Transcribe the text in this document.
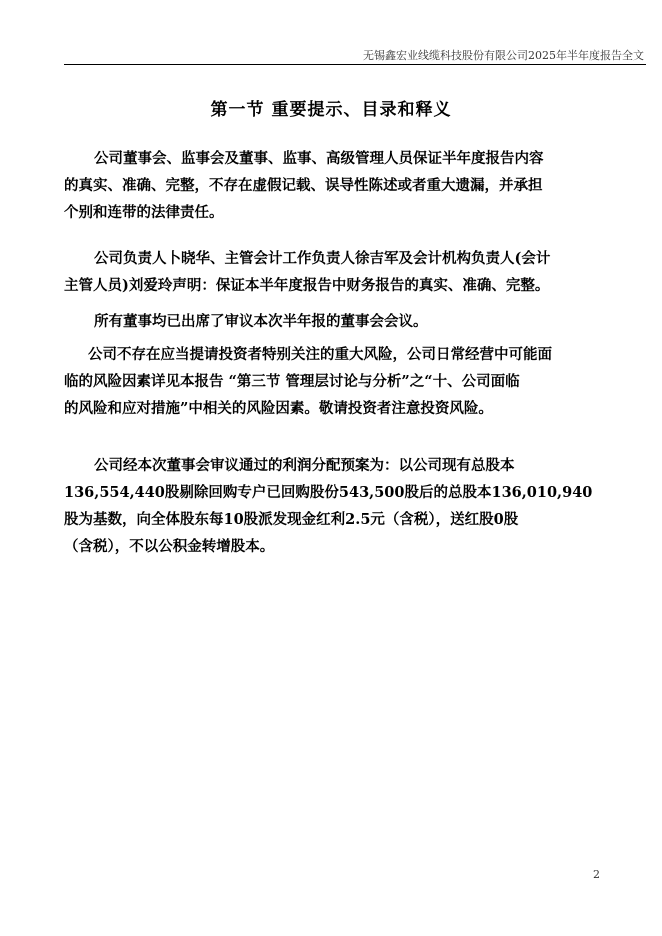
无锡鑫宏业线缆科技股份有限公司2025年半年度报告全文
第一节 重要提示、目录和释义
公司董事会、监事会及董事、监事、高级管理人员保证半年度报告内容
的真实、准确、完整，不存在虚假记载、误导性陈述或者重大遗漏，并承担
个别和连带的法律责任。
公司负责人卜晓华、主管会计工作负责人徐吉军及会计机构负责人(会计
主管人员)刘爱玲声明：保证本半年度报告中财务报告的真实、准确、完整。
所有董事均已出席了审议本次半年报的董事会会议。
公司不存在应当提请投资者特别关注的重大风险，公司日常经营中可能面
临的风险因素详见本报告 “第三节 管理层讨论与分析”之“十、公司面临
的风险和应对措施”中相关的风险因素。敬请投资者注意投资风险。
公司经本次董事会审议通过的利润分配预案为：以公司现有总股本
136,554,440股剔除回购专户已回购股份543,500股后的总股本136,010,940
股为基数，向全体股东每10股派发现金红利2.5元（含税），送红股0股
（含税），不以公积金转增股本。
2
